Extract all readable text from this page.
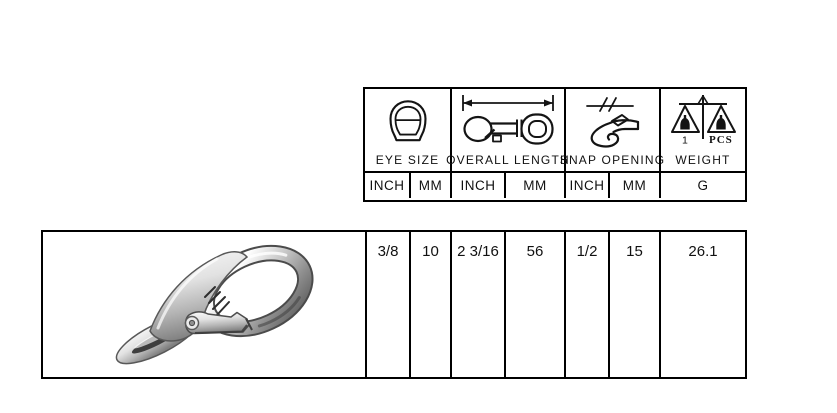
EYE SIZE OVERALL LENGTH
SNAP OPENING
1 PCS
WEIGHT
INCH	MM	INCH	MM	INCH	MM	G
3/8	10	2 3/16	56	1/2	15	26.1
